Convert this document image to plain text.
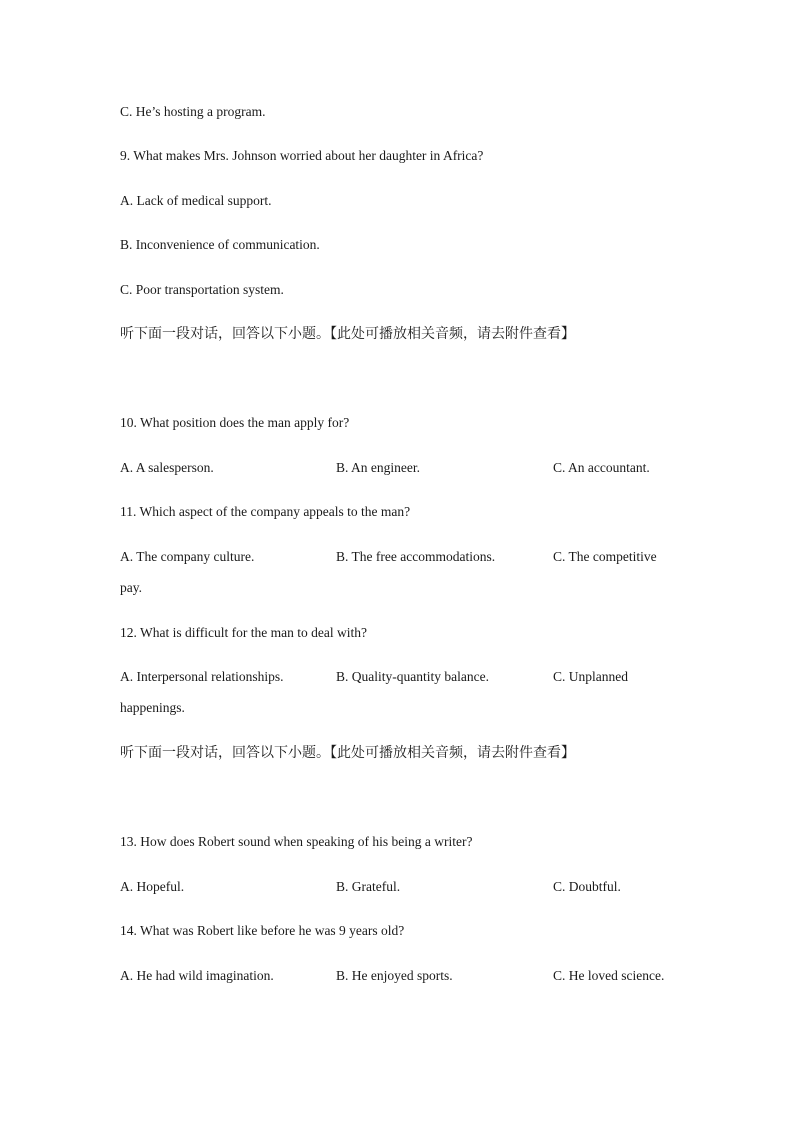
C. He’s hosting a program.
9. What makes Mrs. Johnson worried about her daughter in Africa?
A. Lack of medical support.
B. Inconvenience of communication.
C. Poor transportation system.
听下面一段对话，回答以下小题。【此处可播放相关音频，请去附件查看】
10. What position does the man apply for?
A. A salesperson.	B. An engineer.	C. An accountant.
11. Which aspect of the company appeals to the man?
A. The company culture.	B. The free accommodations.	C. The competitive
pay.
12. What is difficult for the man to deal with?
A. Interpersonal relationships.	B. Quality-quantity balance.	C. Unplanned
happenings.
听下面一段对话，回答以下小题。【此处可播放相关音频，请去附件查看】
13. How does Robert sound when speaking of his being a writer?
A. Hopeful.	B. Grateful.	C. Doubtful.
14. What was Robert like before he was 9 years old?
A. He had wild imagination.	B. He enjoyed sports.	C. He loved science.
